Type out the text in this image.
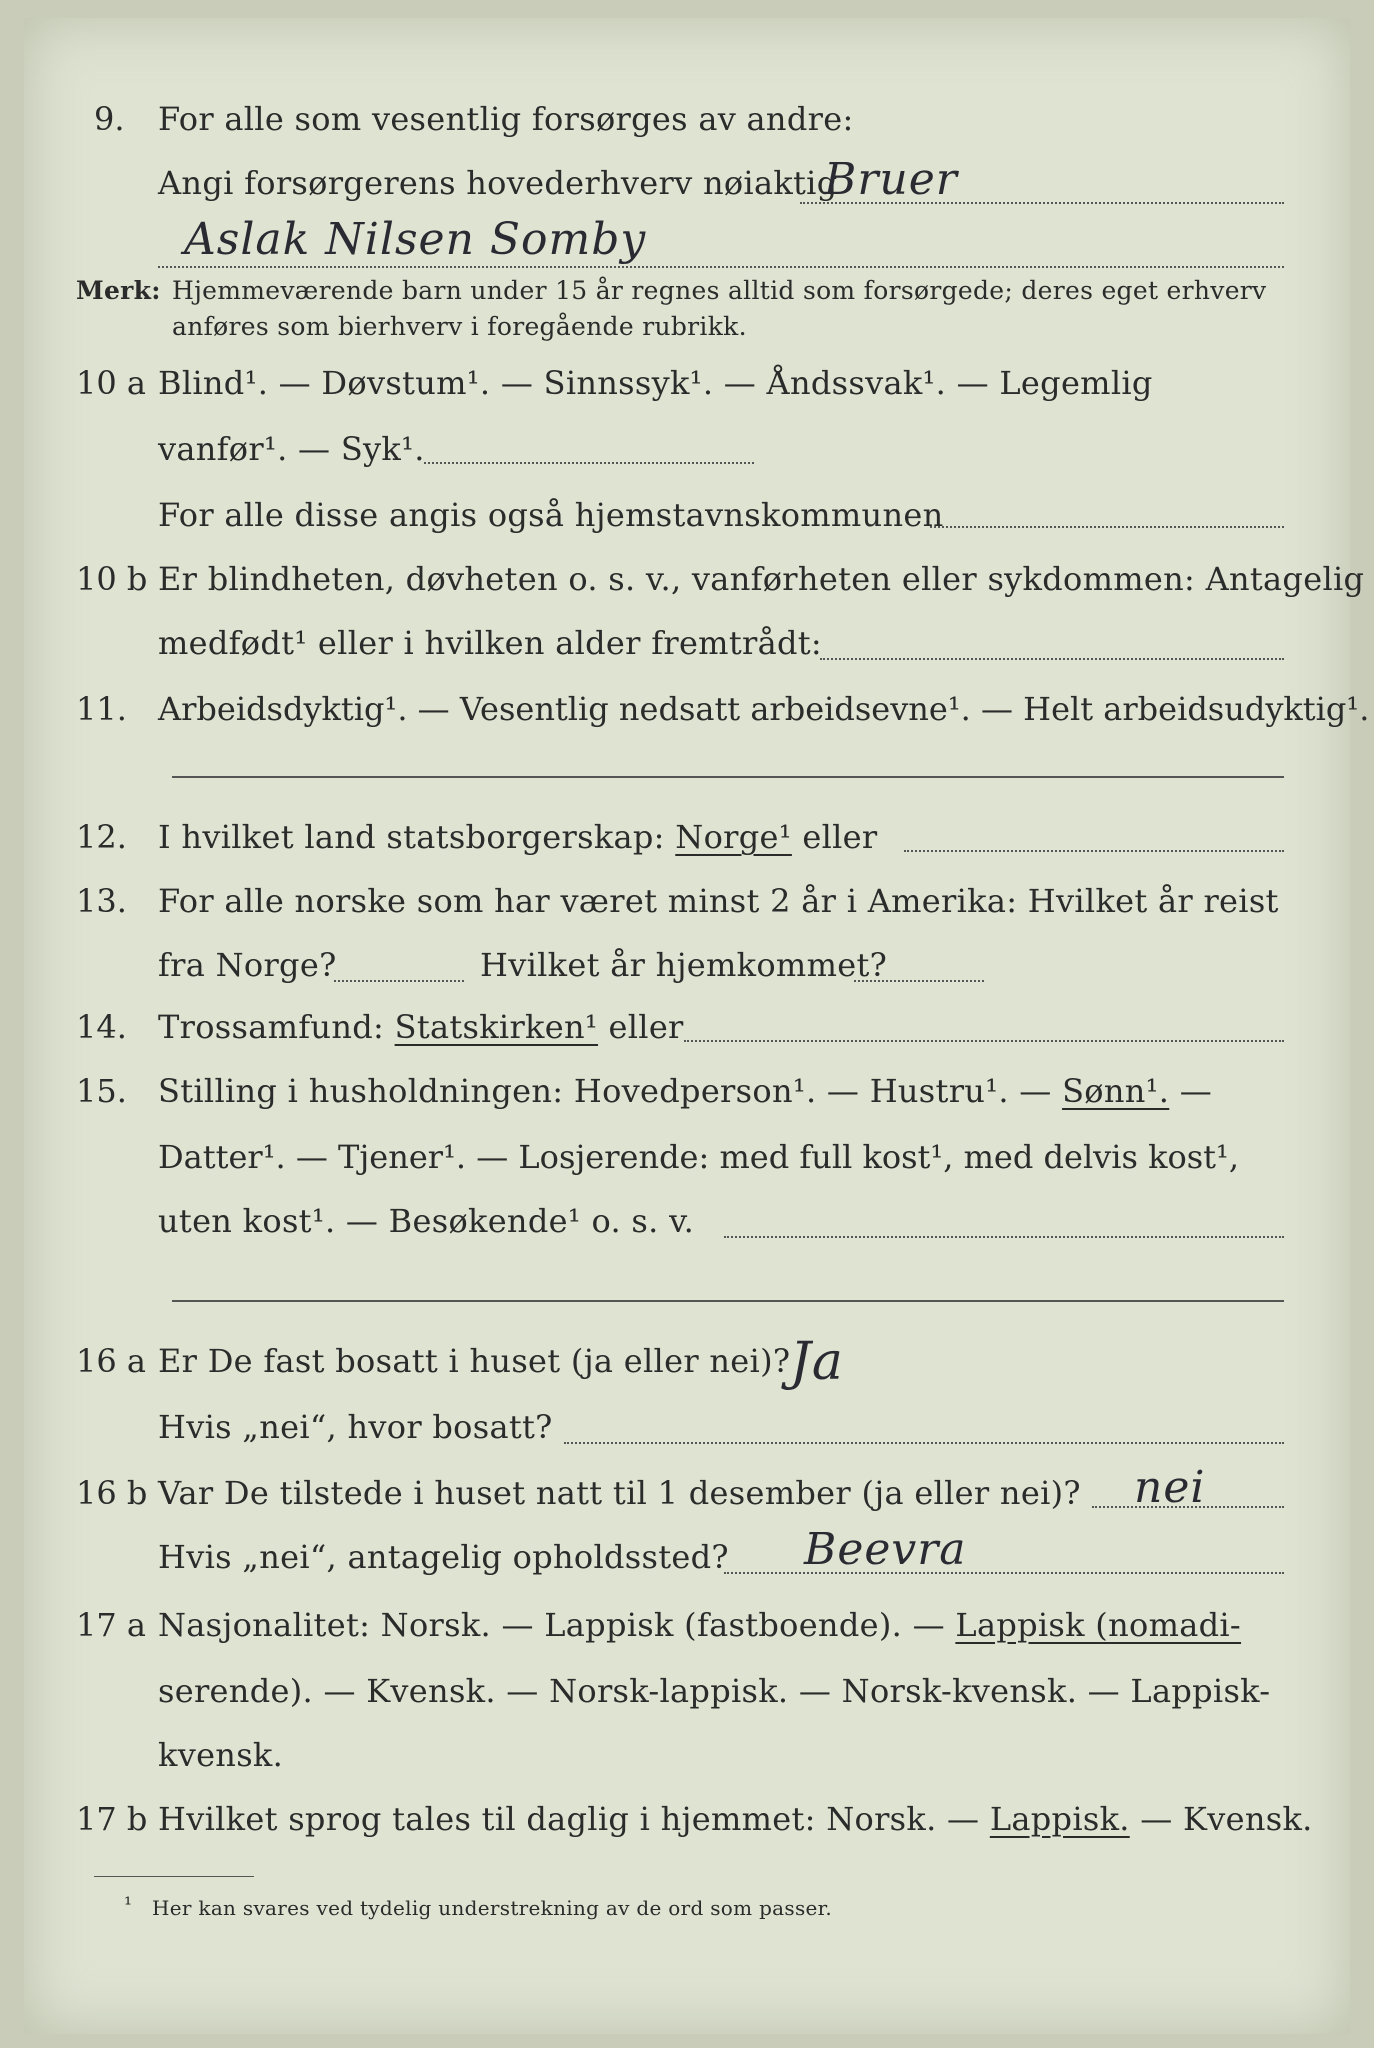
9. For alle som vesentlig forsørges av andre:
Angi forsørgerens hovederhverv nøiaktig
Bruer
Aslak Nilsen Somby
Merk: Hjemmeværende barn under 15 år regnes alltid som forsørgede; deres eget erhverv
anføres som bierhverv i foregående rubrikk.
10 a Blind¹. — Døvstum¹. — Sinnssyk¹. — Åndssvak¹. — Legemlig
vanfør¹. — Syk¹.
For alle disse angis også hjemstavnskommunen
10 b Er blindheten, døvheten o. s. v., vanførheten eller sykdommen: Antagelig
medfødt¹ eller i hvilken alder fremtrådt:
11. Arbeidsdyktig¹. — Vesentlig nedsatt arbeidsevne¹. — Helt arbeidsudyktig¹.
12. I hvilket land statsborgerskap: Norge¹ eller
13. For alle norske som har været minst 2 år i Amerika: Hvilket år reist
fra Norge?	Hvilket år hjemkommet?
14. Trossamfund: Statskirken¹ eller
15. Stilling i husholdningen: Hovedperson¹. — Hustru¹. — Sønn¹. —
Datter¹. — Tjener¹. — Losjerende: med full kost¹, med delvis kost¹,
uten kost¹. — Besøkende¹ o. s. v.
16 a Er De fast bosatt i huset (ja eller nei)? Ja
Hvis „nei“, hvor bosatt?
16 b Var De tilstede i huset natt til 1 desember (ja eller nei)? nei
Hvis „nei“, antagelig opholdssted? Beevra
17 a Nasjonalitet: Norsk. — Lappisk (fastboende). — Lappisk (nomadi-
serende). — Kvensk. — Norsk-lappisk. — Norsk-kvensk. — Lappisk-
kvensk.
17 b Hvilket sprog tales til daglig i hjemmet: Norsk. — Lappisk. — Kvensk.
¹ Her kan svares ved tydelig understrekning av de ord som passer.
